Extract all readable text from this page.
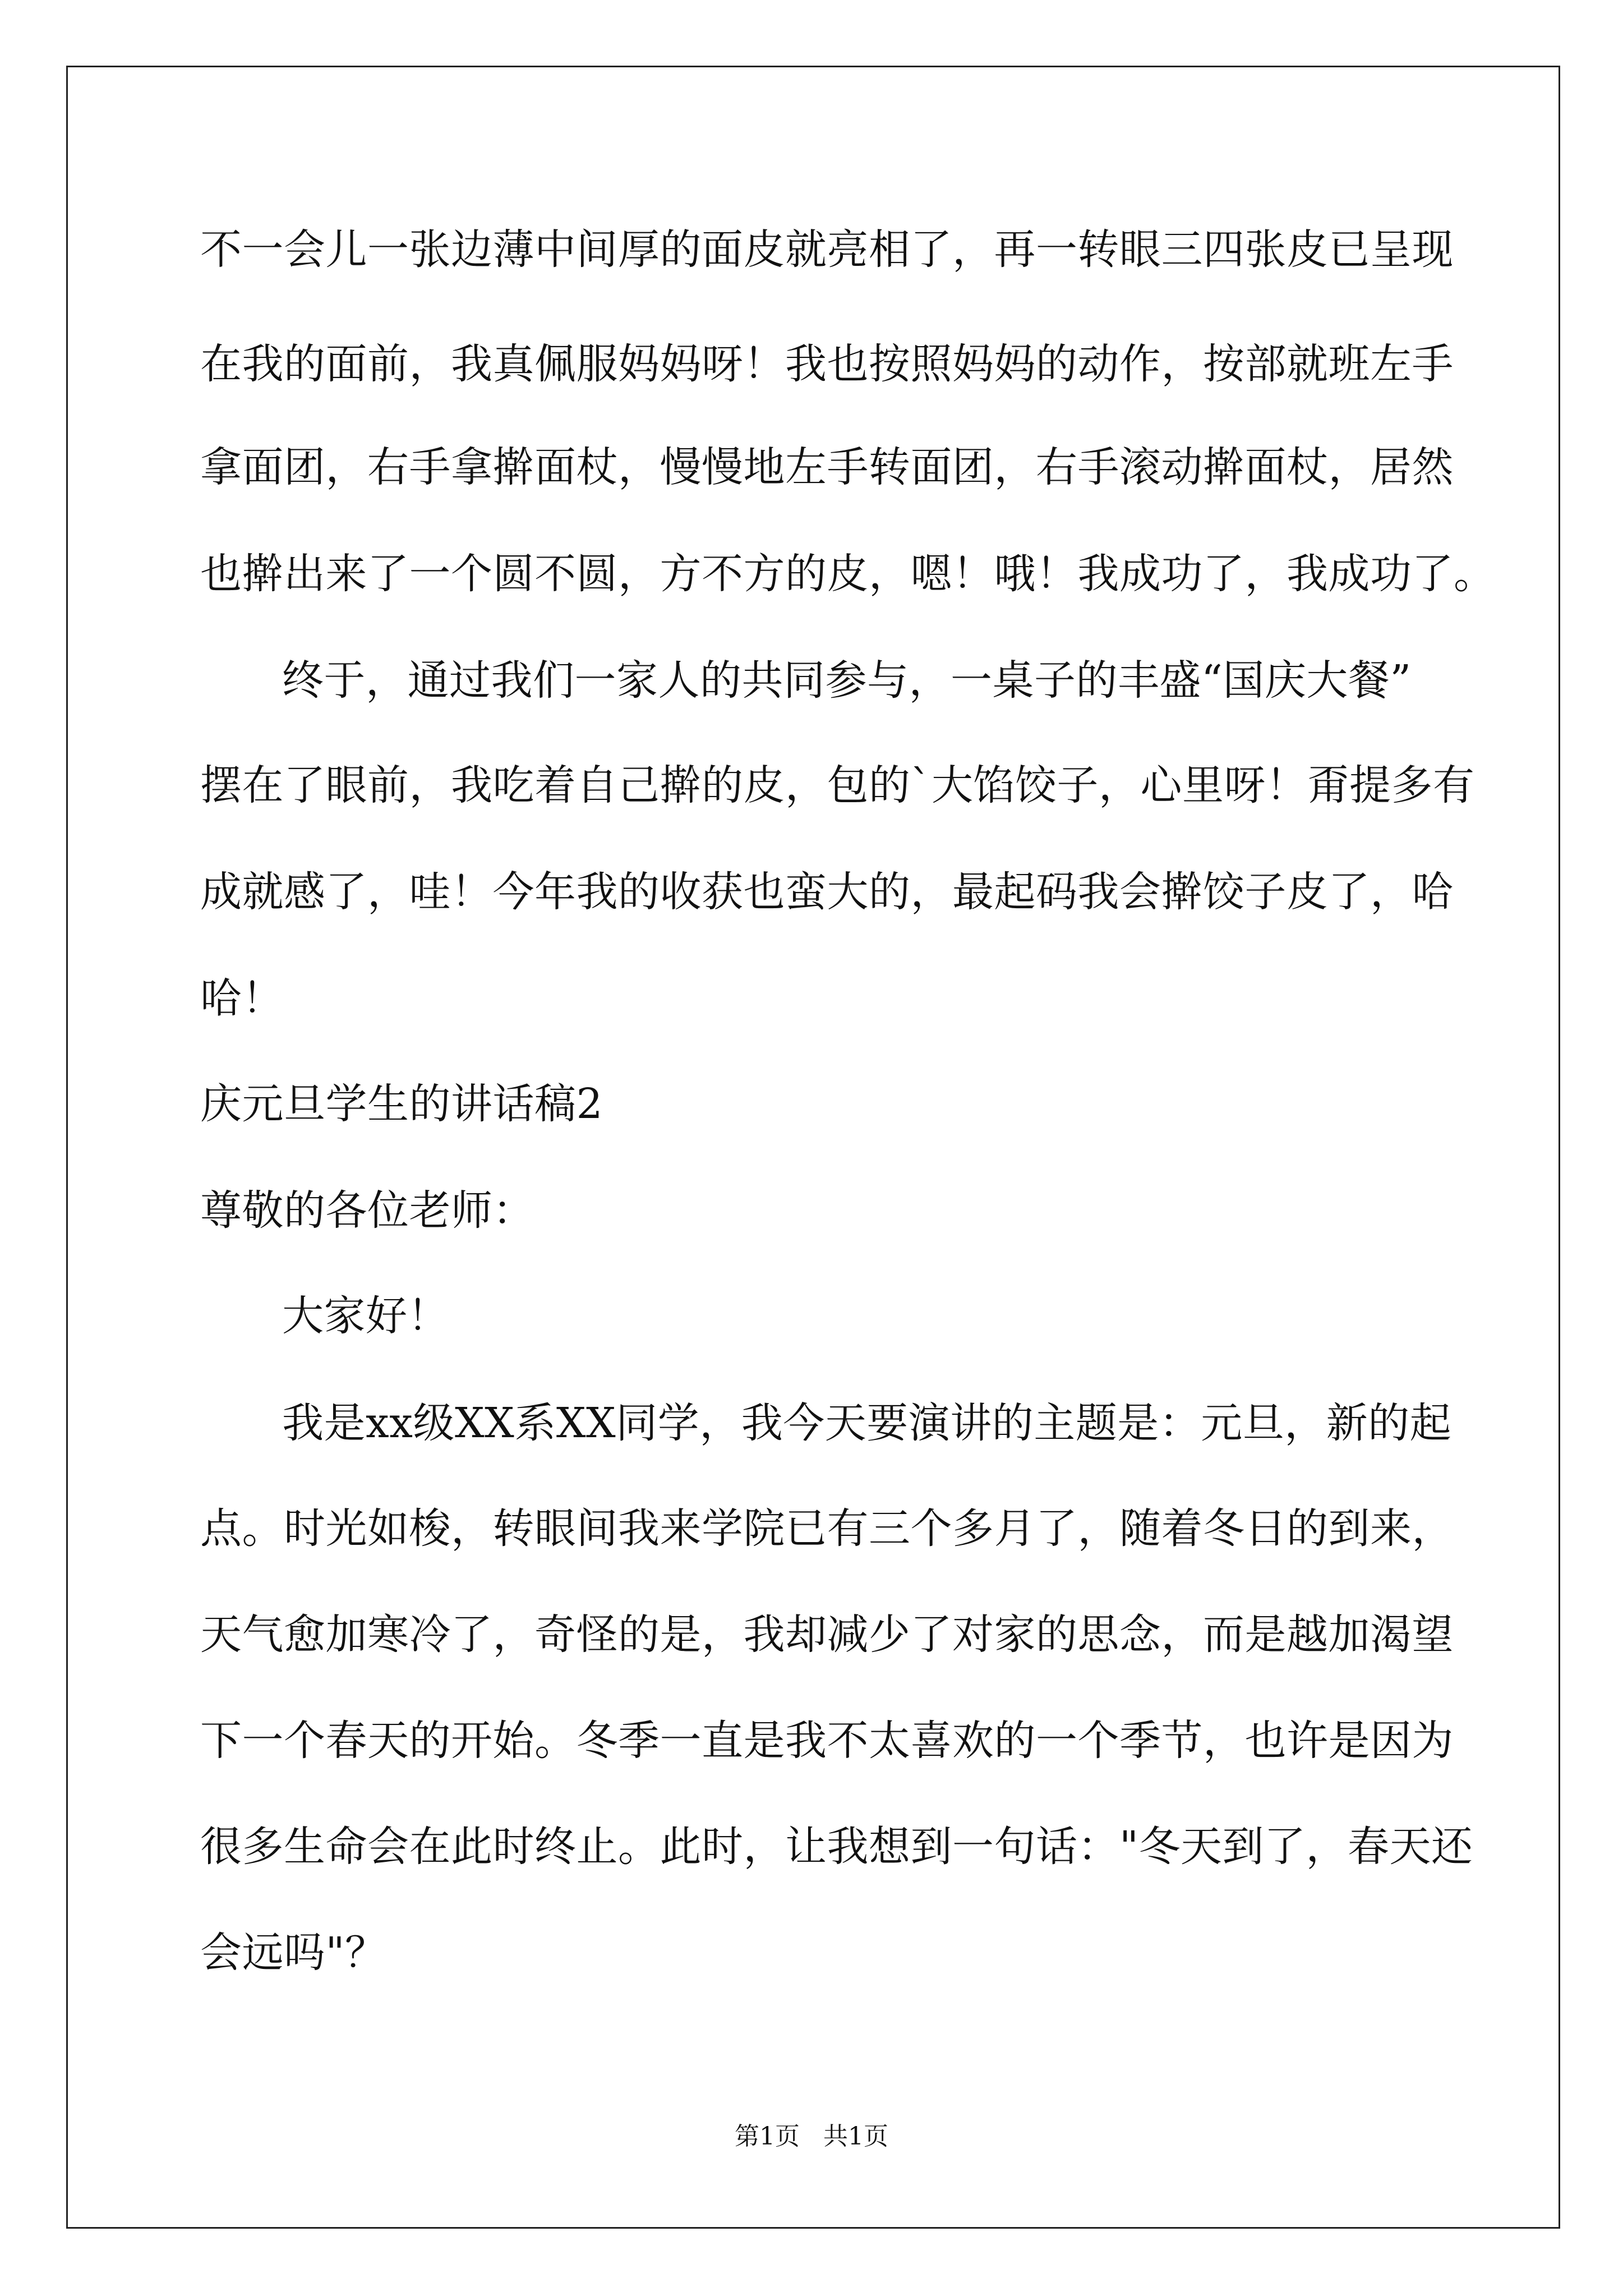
不一会儿一张边薄中间厚的面皮就亮相了，再一转眼三四张皮已呈现
在我的面前，我真佩服妈妈呀！我也按照妈妈的动作，按部就班左手
拿面团，右手拿擀面杖，慢慢地左手转面团，右手滚动擀面杖，居然
也擀出来了一个圆不圆，方不方的皮，嗯！哦！我成功了，我成功了。
终于，通过我们一家人的共同参与，一桌子的丰盛“国庆大餐”
摆在了眼前，我吃着自己擀的皮，包的`大馅饺子，心里呀！甭提多有
成就感了，哇！今年我的收获也蛮大的，最起码我会擀饺子皮了，哈
哈！
庆元旦学生的讲话稿2
尊敬的各位老师：
大家好！
我是xx级XX系XX同学，我今天要演讲的主题是：元旦，新的起
点。时光如梭，转眼间我来学院已有三个多月了，随着冬日的到来，
天气愈加寒冷了，奇怪的是，我却减少了对家的思念，而是越加渴望
下一个春天的开始。冬季一直是我不太喜欢的一个季节，也许是因为
很多生命会在此时终止。此时，让我想到一句话："冬天到了，春天还
会远吗"？
第1页   共1页
